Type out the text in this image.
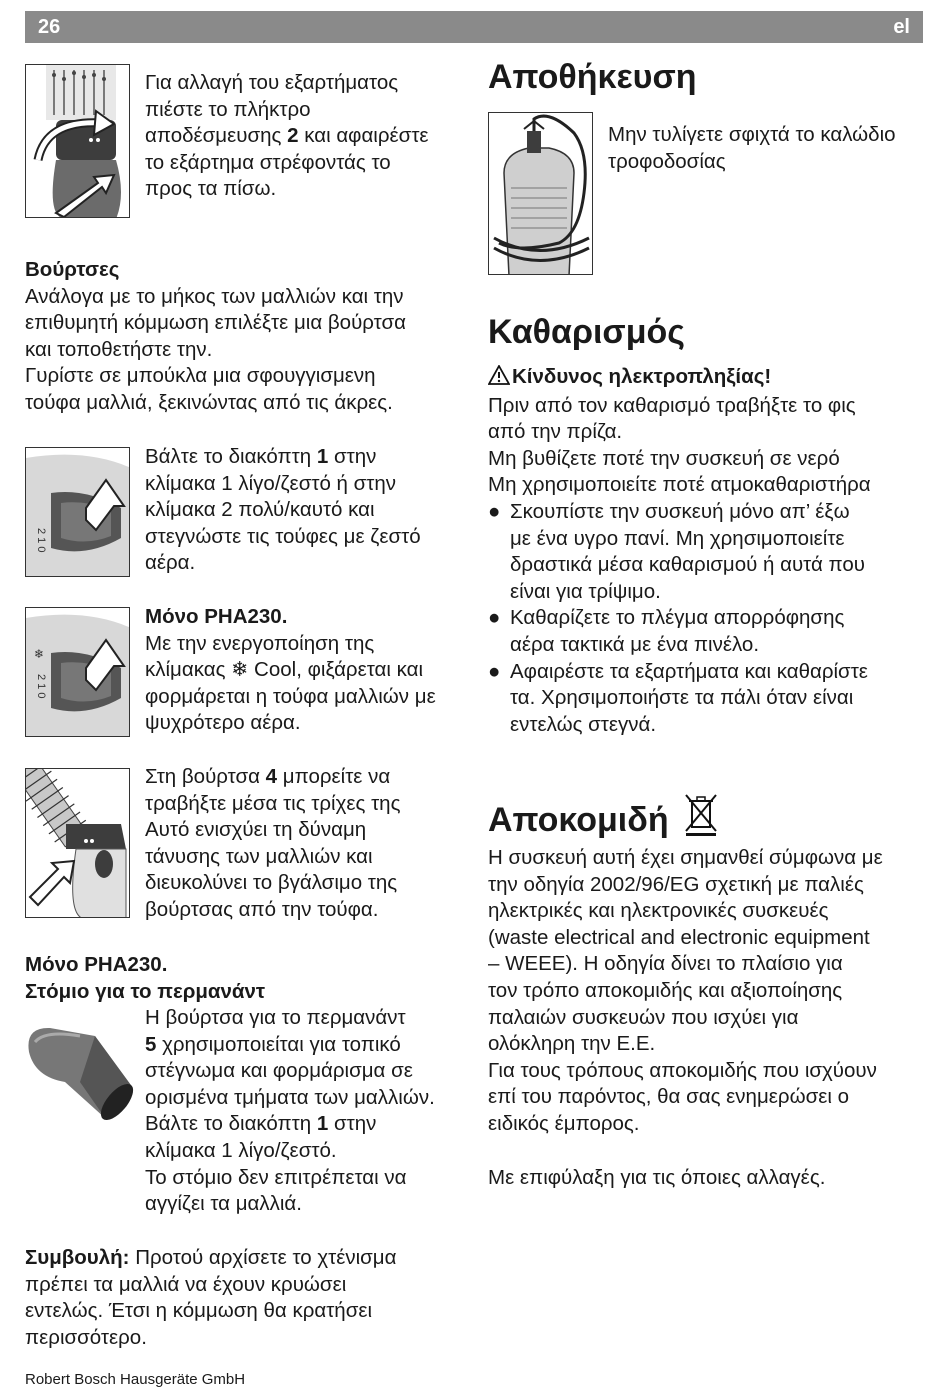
26	el
Για αλλαγή του εξαρτήματος
πιέστε το πλήκτρο
αποδέσμευσης 2 και αφαιρέστε
το εξάρτημα στρέφοντάς το
προς τα πίσω.
Βούρτσες
Ανάλογα με το μήκος των μαλλιών και την
επιθυμητή κόμμωση επιλέξτε μια βούρτσα
και τοποθετήστε την.
Γυρίστε σε μπούκλα μια σφουγγισμενη
τούφα μαλλιά, ξεκινώντας από τις άκρες.
2 1 0
Βάλτε το διακόπτη 1 στην
κλίμακα 1 λίγο/ζεστό ή στην
κλίμακα 2 πολύ/καυτό και
στεγνώστε τις τούφες με ζεστό
αέρα.
❄
2 1 0
Μόνο PHA230.
Με την ενεργοποίηση της
κλίμακας ❄ Cool, φιξάρεται και
φορμάρεται η τούφα μαλλιών με
ψυχρότερο αέρα.
Στη βούρτσα 4 μπορείτε να
τραβήξτε μέσα τις τρίχες της
Αυτό ενισχύει τη δύναμη
τάνυσης των μαλλιών και
διευκολύνει το βγάλσιμο της
βούρτσας από την τούφα.
Μόνο PHA230.
Στόμιο για το περμανάντ
Η βούρτσα για το περμανάντ
5 χρησιμοποιείται για τοπικό
στέγνωμα και φορμάρισμα σε
ορισμένα τμήματα των μαλλιών.
Βάλτε το διακόπτη 1 στην
κλίμακα 1 λίγο/ζεστό.
Το στόμιο δεν επιτρέπεται να
αγγίζει τα μαλλιά.
Συμβουλή: Προτού αρχίσετε το χτένισμα
πρέπει τα μαλλιά να έχουν κρυώσει
εντελώς. Έτσι η κόμμωση θα κρατήσει
περισσότερο.
Αποθήκευση
Μην τυλίγετε σφιχτά το καλώδιο
τροφοδοσίας
Καθαρισμός
Κίνδυνος ηλεκτροπληξίας!
Πριν από τον καθαρισμό τραβήξτε το φις
από την πρίζα.
Μη βυθίζετε ποτέ την συσκευή σε νερό
Μη χρησιμοποιείτε ποτέ ατμοκαθαριστήρα
● Σκουπίστε την συσκευή μόνο απ’ έξω
με ένα υγρο πανί. Μη χρησιμοποιείτε
δραστικά μέσα καθαρισμού ή αυτά που
είναι για τρίψιμο.
● Καθαρίζετε το πλέγμα απορρόφησης
αέρα τακτικά με ένα πινέλο.
● Αφαιρέστε τα εξαρτήματα και καθαρίστε
τα. Χρησιμοποιήστε τα πάλι όταν είναι
εντελώς στεγνά.
Αποκομιδή
Η συσκευή αυτή έχει σημανθεί σύμφωνα με
την οδηγία 2002/96/EG σχετική με παλιές
ηλεκτρικές και ηλεκτρονικές συσκευές
(waste electrical and electronic equipment
– WEEE). Η οδηγία δίνει το πλαίσιο για
τον τρόπο αποκομιδής και αξιοποίησης
παλαιών συσκευών που ισχύει για
ολόκληρη την Ε.Ε.
Για τους τρόπους αποκομιδής που ισχύουν
επί του παρόντος, θα σας ενημερώσει ο
ειδικός έμπορος.
Με επιφύλαξη για τις όποιες αλλαγές.
Robert Bosch Hausgeräte GmbH
